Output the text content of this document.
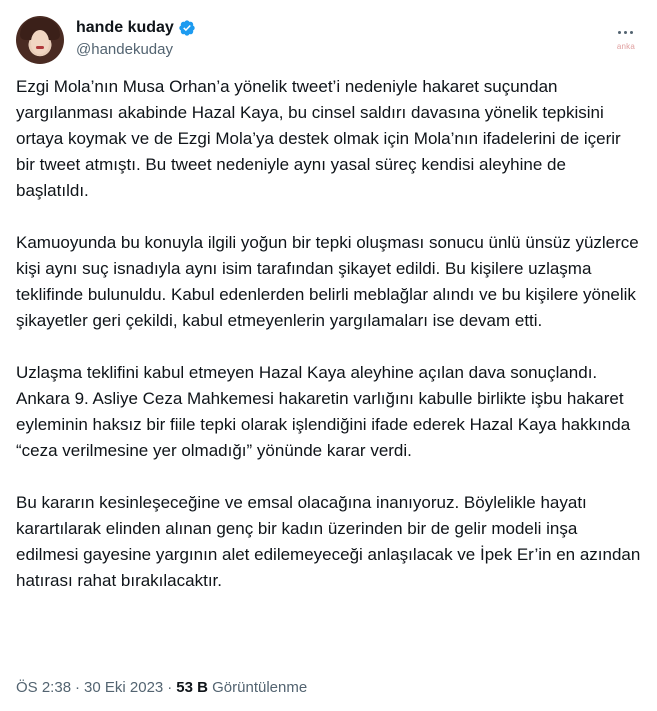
hande kuday
@handekuday	anka

Ezgi Mola’nın Musa Orhan’a yönelik tweet’i nedeniyle hakaret suçundan yargılanması akabinde Hazal Kaya, bu cinsel saldırı davasına yönelik tepkisini ortaya koymak ve de Ezgi Mola’ya destek olmak için Mola’nın ifadelerini de içerir bir tweet atmıştı. Bu tweet nedeniyle aynı yasal süreç kendisi aleyhine de başlatıldı.

Kamuoyunda bu konuyla ilgili yoğun bir tepki oluşması sonucu ünlü ünsüz yüzlerce kişi aynı suç isnadıyla aynı isim tarafından şikayet edildi. Bu kişilere uzlaşma teklifinde bulunuldu. Kabul edenlerden belirli meblağlar alındı ve bu kişilere yönelik şikayetler geri çekildi, kabul etmeyenlerin yargılamaları ise devam etti.

Uzlaşma teklifini kabul etmeyen Hazal Kaya aleyhine açılan dava sonuçlandı. Ankara 9. Asliye Ceza Mahkemesi hakaretin varlığını kabulle birlikte işbu hakaret eyleminin haksız bir fiile tepki olarak işlendiğini ifade ederek Hazal Kaya hakkında “ceza verilmesine yer olmadığı” yönünde karar verdi.

Bu kararın kesinleşeceğine ve emsal olacağına inanıyoruz. Böylelikle hayatı karartılarak elinden alınan genç bir kadın üzerinden bir de gelir modeli inşa edilmesi gayesine yargının alet edilemeyeceği anlaşılacak ve İpek Er’in en azından hatırası rahat bırakılacaktır.

ÖS 2:38 · 30 Eki 2023 · 53 B Görüntülenme
